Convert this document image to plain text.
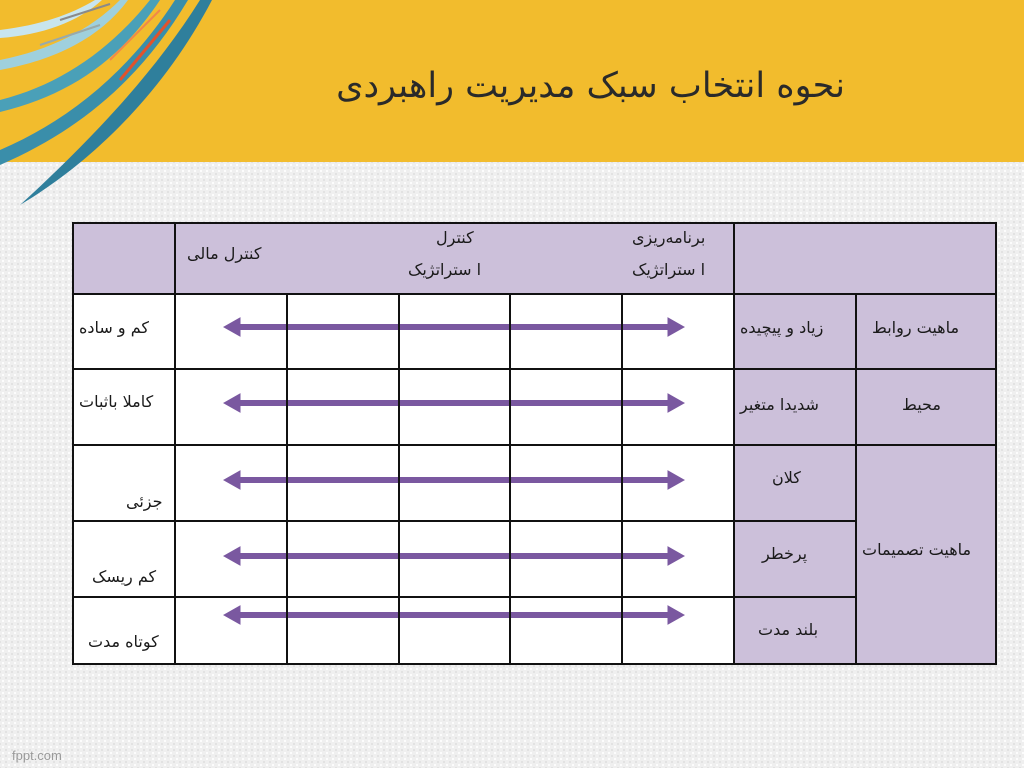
نحوه انتخاب سبک مدیریت راهبردی
برنامه‌ریزی
ا ستراتژیک
کنترل
ا ستراتژیک
کنترل مالی
ماهیت روابط
محیط
ماهیت تصمیمات
زیاد و پیچیده
شدیدا متغیر
کلان
پرخطر
بلند مدت
کم و ساده
کاملا باثبات
جزئی
کم ریسک
کوتاه مدت
fppt.com
